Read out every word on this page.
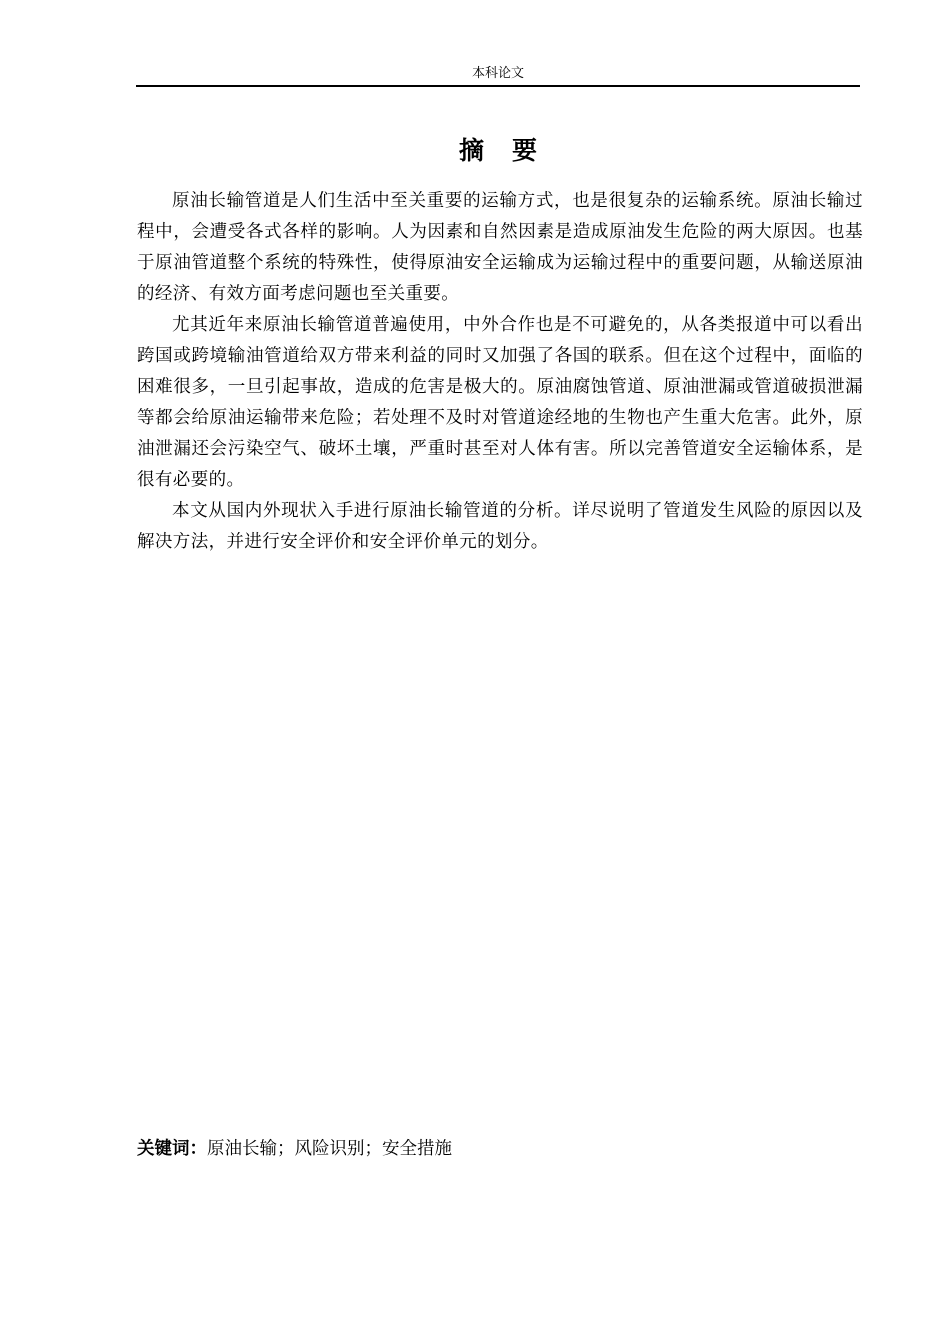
本科论文
摘要

原油长输管道是人们生活中至关重要的运输方式，也是很复杂的运输系统。原油长输过程中，会遭受各式各样的影响。人为因素和自然因素是造成原油发生危险的两大原因。也基于原油管道整个系统的特殊性，使得原油安全运输成为运输过程中的重要问题，从输送原油的经济、有效方面考虑问题也至关重要。

尤其近年来原油长输管道普遍使用，中外合作也是不可避免的，从各类报道中可以看出跨国或跨境输油管道给双方带来利益的同时又加强了各国的联系。但在这个过程中，面临的困难很多，一旦引起事故，造成的危害是极大的。原油腐蚀管道、原油泄漏或管道破损泄漏等都会给原油运输带来危险；若处理不及时对管道途经地的生物也产生重大危害。此外，原油泄漏还会污染空气、破坏土壤，严重时甚至对人体有害。所以完善管道安全运输体系，是很有必要的。

本文从国内外现状入手进行原油长输管道的分析。详尽说明了管道发生风险的原因以及解决方法，并进行安全评价和安全评价单元的划分。

关键词：原油长输；风险识别；安全措施
